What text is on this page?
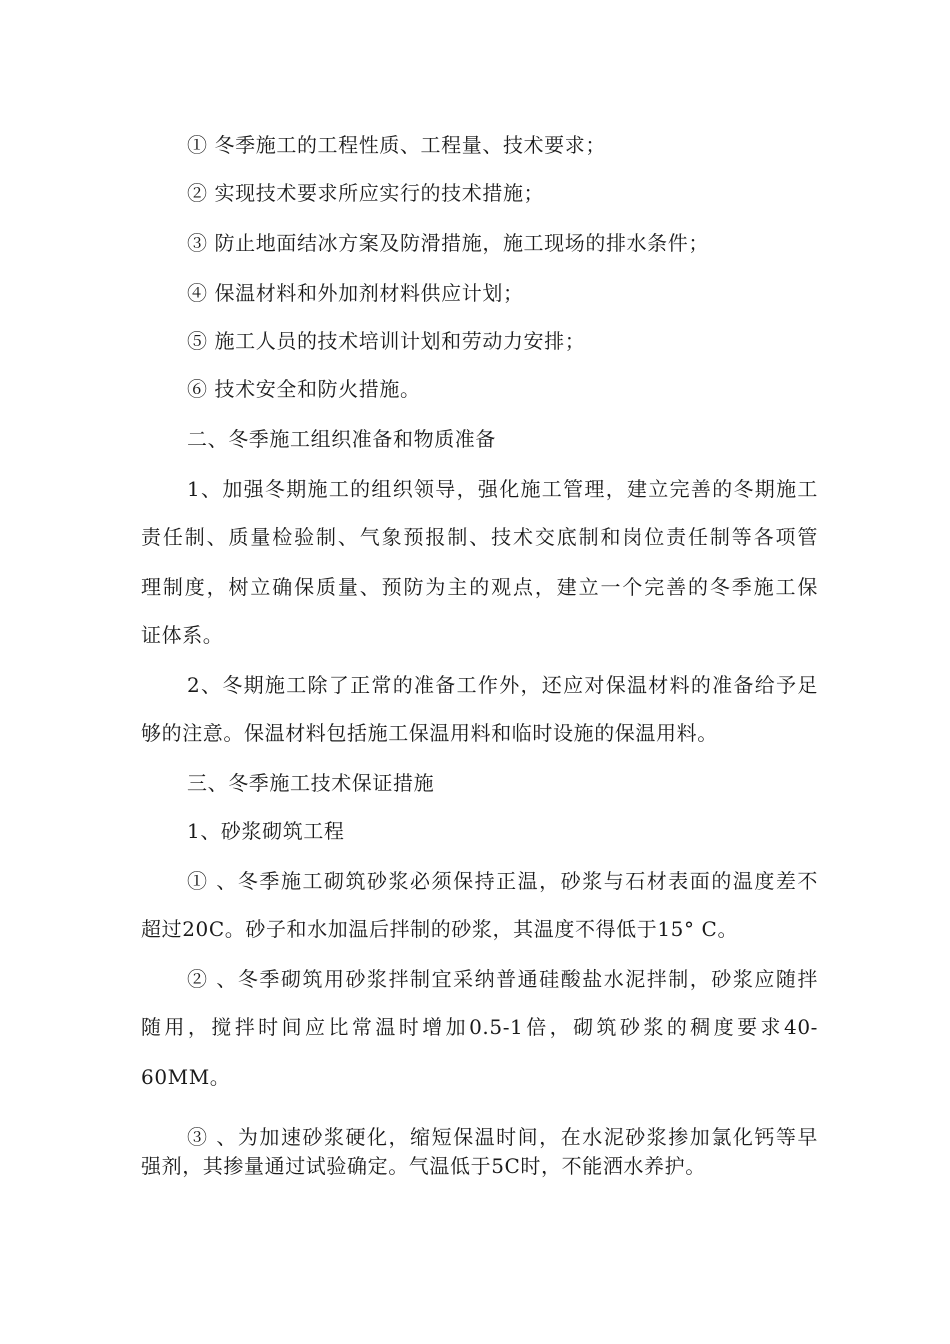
① 冬季施工的工程性质、工程量、技术要求；
② 实现技术要求所应实行的技术措施；
③ 防止地面结冰方案及防滑措施，施工现场的排水条件；
④ 保温材料和外加剂材料供应计划；
⑤ 施工人员的技术培训计划和劳动力安排；
⑥ 技术安全和防火措施。
二、冬季施工组织准备和物质准备
1、加强冬期施工的组织领导，强化施工管理，建立完善的冬期施工
责任制、质量检验制、气象预报制、技术交底制和岗位责任制等各项管
理制度，树立确保质量、预防为主的观点，建立一个完善的冬季施工保
证体系。
2、冬期施工除了正常的准备工作外，还应对保温材料的准备给予足
够的注意。保温材料包括施工保温用料和临时设施的保温用料。
三、冬季施工技术保证措施
1、砂浆砌筑工程
① 、冬季施工砌筑砂浆必须保持正温，砂浆与石材表面的温度差不
超过20C。砂子和水加温后拌制的砂浆，其温度不得低于15° C。
② 、冬季砌筑用砂浆拌制宜采纳普通硅酸盐水泥拌制，砂浆应随拌
随用，搅拌时间应比常温时增加0.5-1倍，砌筑砂浆的稠度要求40-
60MM。
③ 、为加速砂浆硬化，缩短保温时间，在水泥砂浆掺加氯化钙等早
强剂，其掺量通过试验确定。气温低于5C时，不能洒水养护。
